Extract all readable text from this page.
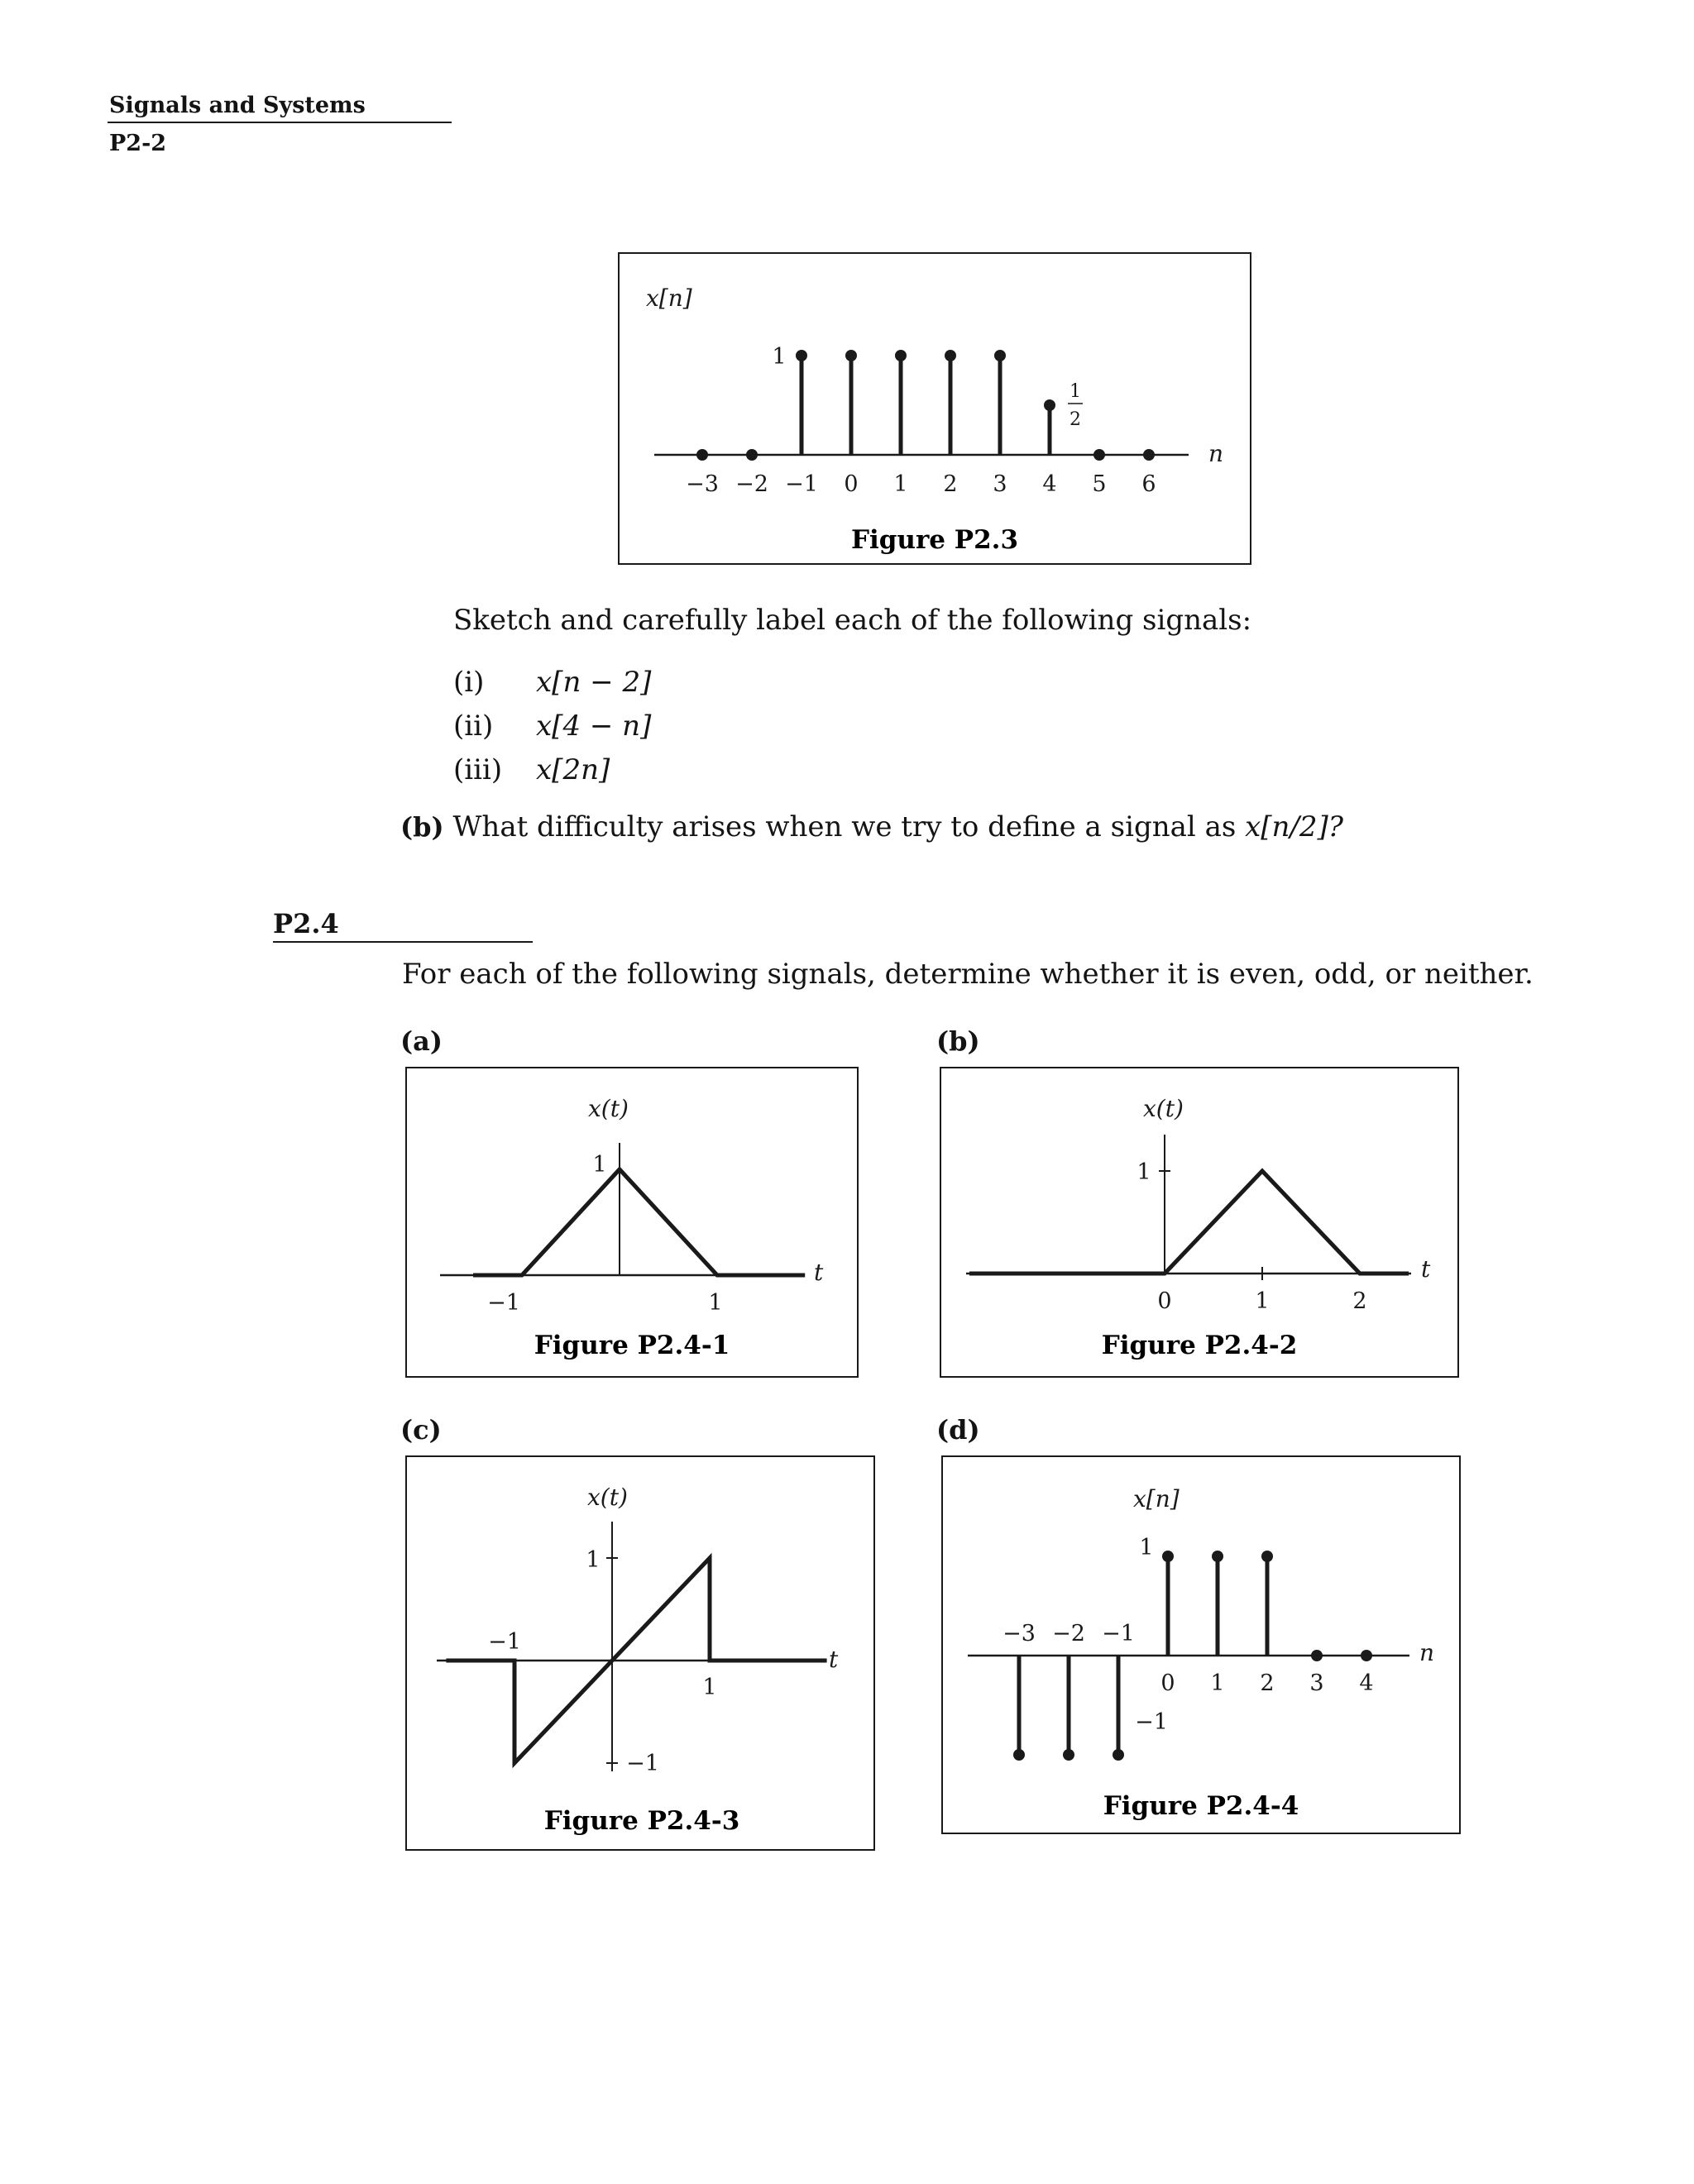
Signals and Systems
P2-2
x[n]
n
−3 −2 −1 0 1 2 3 4 5 6
1
1
2
Figure P2.3
Sketch and carefully label each of the following signals:
(i) x[n − 2]
(ii) x[4 − n]
(iii) x[2n]
(b) What difficulty arises when we try to define a signal as x[n/2]?
P2.4
For each of the following signals, determine whether it is even, odd, or neither.
(a)	(b)
(c)	(d)
x(t)
t
1
−1	1
Figure P2.4-1
x(t)
t
1
0	1	2
Figure P2.4-2
x(t)
t
1
−1
1
−1
Figure P2.4-3
x[n]
n
−3 −2 −1
0 1 2 3 4
1
−1
Figure P2.4-4
